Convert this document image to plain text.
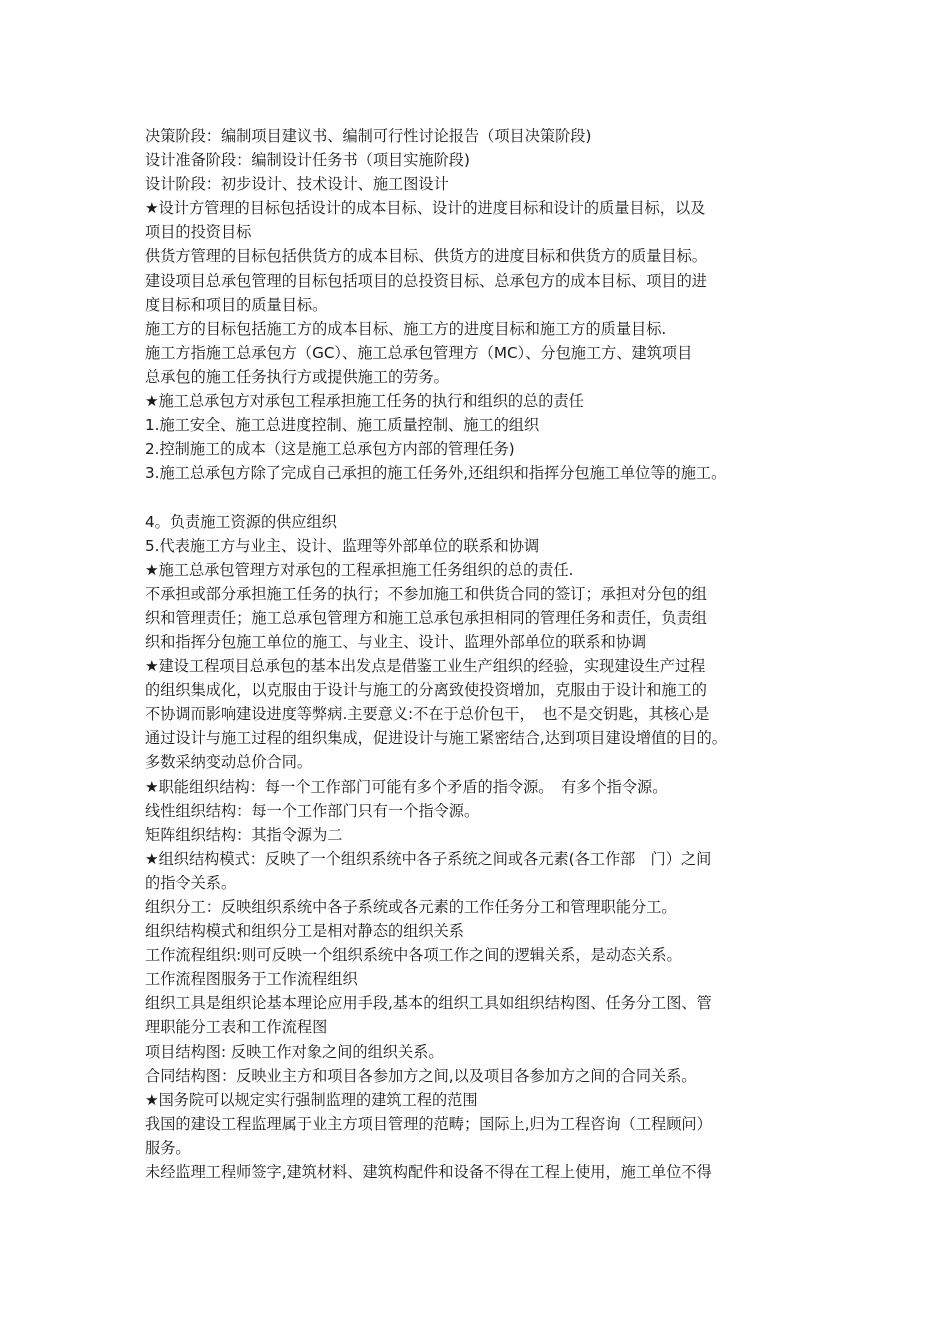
决策阶段：编制项目建议书、编制可行性讨论报告（项目决策阶段)
设计准备阶段：编制设计任务书（项目实施阶段)
设计阶段：初步设计、技术设计、施工图设计
★设计方管理的目标包括设计的成本目标、设计的进度目标和设计的质量目标，以及
项目的投资目标
供货方管理的目标包括供货方的成本目标、供货方的进度目标和供货方的质量目标。
建设项目总承包管理的目标包括项目的总投资目标、总承包方的成本目标、项目的进
度目标和项目的质量目标。
施工方的目标包括施工方的成本目标、施工方的进度目标和施工方的质量目标.
施工方指施工总承包方（GC）、施工总承包管理方（MC）、分包施工方、建筑项目
总承包的施工任务执行方或提供施工的劳务。
★施工总承包方对承包工程承担施工任务的执行和组织的总的责任
1.施工安全、施工总进度控制、施工质量控制、施工的组织
2.控制施工的成本（这是施工总承包方内部的管理任务)
3.施工总承包方除了完成自己承担的施工任务外,还组织和指挥分包施工单位等的施工。
4。负责施工资源的供应组织
5.代表施工方与业主、设计、监理等外部单位的联系和协调
★施工总承包管理方对承包的工程承担施工任务组织的总的责任.
不承担或部分承担施工任务的执行；不参加施工和供货合同的签订；承担对分包的组
织和管理责任；施工总承包管理方和施工总承包承担相同的管理任务和责任，负责组
织和指挥分包施工单位的施工、与业主、设计、监理外部单位的联系和协调
★建设工程项目总承包的基本出发点是借鉴工业生产组织的经验，实现建设生产过程
的组织集成化，以克服由于设计与施工的分离致使投资增加，克服由于设计和施工的
不协调而影响建设进度等弊病.主要意义:不在于总价包干，　也不是交钥匙，其核心是
通过设计与施工过程的组织集成，促进设计与施工紧密结合,达到项目建设增值的目的。
多数采纳变动总价合同。
★职能组织结构：每一个工作部门可能有多个矛盾的指令源。　有多个指令源。
线性组织结构：每一个工作部门只有一个指令源。
矩阵组织结构：其指令源为二
★组织结构模式：反映了一个组织系统中各子系统之间或各元素(各工作部　门）之间
的指令关系。
组织分工：反映组织系统中各子系统或各元素的工作任务分工和管理职能分工。
组织结构模式和组织分工是相对静态的组织关系
工作流程组织:则可反映一个组织系统中各项工作之间的逻辑关系，是动态关系。
工作流程图服务于工作流程组织
组织工具是组织论基本理论应用手段,基本的组织工具如组织结构图、任务分工图、管
理职能分工表和工作流程图
项目结构图: 反映工作对象之间的组织关系。
合同结构图：反映业主方和项目各参加方之间,以及项目各参加方之间的合同关系。
★国务院可以规定实行强制监理的建筑工程的范围
我国的建设工程监理属于业主方项目管理的范畴；国际上,归为工程咨询（工程顾问）
服务。
未经监理工程师签字,建筑材料、建筑构配件和设备不得在工程上使用，施工单位不得
